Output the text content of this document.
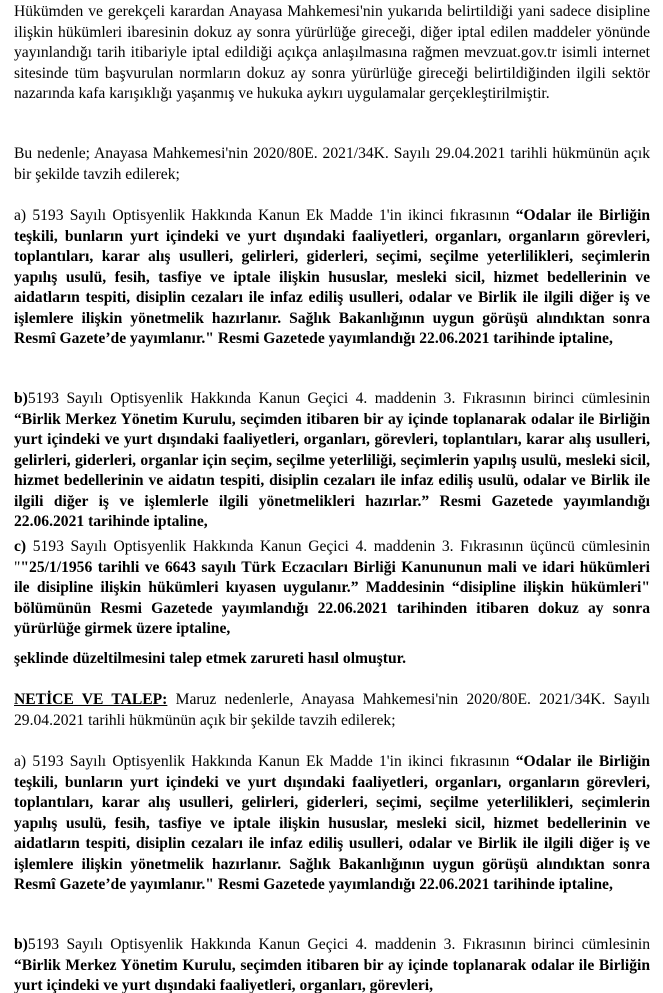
Hükümden ve gerekçeli karardan Anayasa Mahkemesi'nin yukarıda belirtildiği yani sadece disipline ilişkin hükümleri ibaresinin dokuz ay sonra yürürlüğe gireceği, diğer iptal edilen maddeler yönünde yayınlandığı tarih itibariyle iptal edildiği açıkça anlaşılmasına rağmen mevzuat.gov.tr isimli internet sitesinde tüm başvurulan normların dokuz ay sonra yürürlüğe gireceği belirtildiğinden ilgili sektör nazarında kafa karışıklığı yaşanmış ve hukuka aykırı uygulamalar gerçekleştirilmiştir.

Bu nedenle; Anayasa Mahkemesi'nin 2020/80E. 2021/34K. Sayılı 29.04.2021 tarihli hükmünün açık bir şekilde tavzih edilerek;

a) 5193 Sayılı Optisyenlik Hakkında Kanun Ek Madde 1'in ikinci fıkrasının “Odalar ile Birliğin teşkili, bunların yurt içindeki ve yurt dışındaki faaliyetleri, organları, organların görevleri, toplantıları, karar alış usulleri, gelirleri, giderleri, seçimi, seçilme yeterlilikleri, seçimlerin yapılış usulü, fesih, tasfiye ve iptale ilişkin hususlar, mesleki sicil, hizmet bedellerinin ve aidatların tespiti, disiplin cezaları ile infaz ediliş usulleri, odalar ve Birlik ile ilgili diğer iş ve işlemlere ilişkin yönetmelik hazırlanır. Sağlık Bakanlığının uygun görüşü alındıktan sonra Resmî Gazete’de yayımlanır." Resmi Gazetede yayımlandığı 22.06.2021 tarihinde iptaline,

b)5193 Sayılı Optisyenlik Hakkında Kanun Geçici 4. maddenin 3. Fıkrasının birinci cümlesinin “Birlik Merkez Yönetim Kurulu, seçimden itibaren bir ay içinde toplanarak odalar ile Birliğin yurt içindeki ve yurt dışındaki faaliyetleri, organları, görevleri, toplantıları, karar alış usulleri, gelirleri, giderleri, organlar için seçim, seçilme yeterliliği, seçimlerin yapılış usulü, mesleki sicil, hizmet bedellerinin ve aidatın tespiti, disiplin cezaları ile infaz ediliş usulü, odalar ve Birlik ile ilgili diğer iş ve işlemlerle ilgili yönetmelikleri hazırlar.” Resmi Gazetede yayımlandığı 22.06.2021 tarihinde iptaline,

c) 5193 Sayılı Optisyenlik Hakkında Kanun Geçici 4. maddenin 3. Fıkrasının üçüncü cümlesinin ""25/1/1956 tarihli ve 6643 sayılı Türk Eczacıları Birliği Kanununun mali ve idari hükümleri ile disipline ilişkin hükümleri kıyasen uygulanır.” Maddesinin “disipline ilişkin hükümleri" bölümünün Resmi Gazetede yayımlandığı 22.06.2021 tarihinden itibaren dokuz ay sonra yürürlüğe girmek üzere iptaline,

şeklinde düzeltilmesini talep etmek zarureti hasıl olmuştur.

NETİCE VE TALEP: Maruz nedenlerle, Anayasa Mahkemesi'nin 2020/80E. 2021/34K. Sayılı 29.04.2021 tarihli hükmünün açık bir şekilde tavzih edilerek;

a) 5193 Sayılı Optisyenlik Hakkında Kanun Ek Madde 1'in ikinci fıkrasının “Odalar ile Birliğin teşkili, bunların yurt içindeki ve yurt dışındaki faaliyetleri, organları, organların görevleri, toplantıları, karar alış usulleri, gelirleri, giderleri, seçimi, seçilme yeterlilikleri, seçimlerin yapılış usulü, fesih, tasfiye ve iptale ilişkin hususlar, mesleki sicil, hizmet bedellerinin ve aidatların tespiti, disiplin cezaları ile infaz ediliş usulleri, odalar ve Birlik ile ilgili diğer iş ve işlemlere ilişkin yönetmelik hazırlanır. Sağlık Bakanlığının uygun görüşü alındıktan sonra Resmî Gazete’de yayımlanır." Resmi Gazetede yayımlandığı 22.06.2021 tarihinde iptaline,

b)5193 Sayılı Optisyenlik Hakkında Kanun Geçici 4. maddenin 3. Fıkrasının birinci cümlesinin “Birlik Merkez Yönetim Kurulu, seçimden itibaren bir ay içinde toplanarak odalar ile Birliğin yurt içindeki ve yurt dışındaki faaliyetleri, organları, görevleri,
